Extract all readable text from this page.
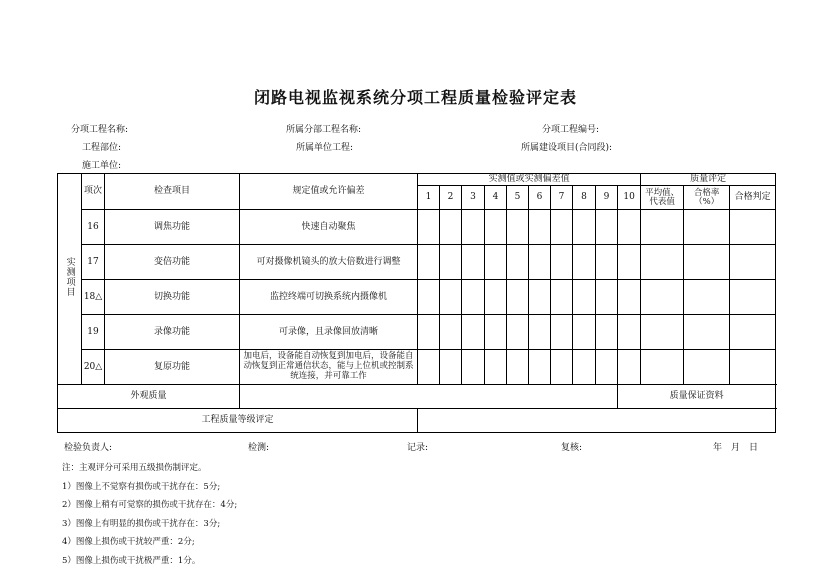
闭路电视监视系统分项工程质量检验评定表
分项工程名称:	所属分部工程名称:	分项工程编号:
工程部位:	所属单位工程:	所属建设项目(合同段):
施工单位:
实测项目	项次	检查项目	规定值或允许偏差	实测值或实测偏差值										质量评定			
				1	2	3	4	5	6	7	8	9	10	平均值、代表值	合格率（%）	合格判定	
	16	调焦功能	快速自动聚焦														
	17	变倍功能	可对摄像机镜头的放大倍数进行调整														
	18△	切换功能	监控终端可切换系统内摄像机														
	19	录像功能	可录像，且录像回放清晰														
	20△	复原功能	加电后，设备能自动恢复到加电后，设备能自动恢复到正常通信状态，能与上位机或控制系统连接，并可靠工作														
外观质量													质量保证资料				
工程质量等级评定																	
检验负责人:	检测:	记录:	复核:	年　月　日
注：主观评分可采用五级损伤制评定。
1）图像上不觉察有损伤或干扰存在：5分;
2）图像上稍有可觉察的损伤或干扰存在：4分;
3）图像上有明显的损伤或干扰存在：3分;
4）图像上损伤或干扰较严重：2分;
5）图像上损伤或干扰极严重：1分。
